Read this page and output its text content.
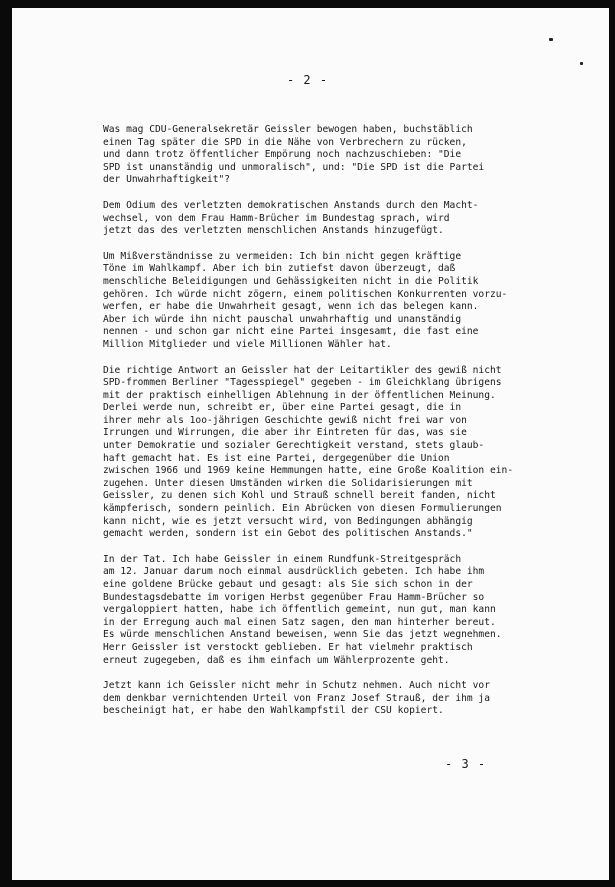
- 2 -
Was mag CDU-Generalsekretär Geissler bewogen haben, buchstäblich
einen Tag später die SPD in die Nähe von Verbrechern zu rücken,
und dann trotz öffentlicher Empörung noch nachzuschieben: "Die
SPD ist unanständig und unmoralisch", und: "Die SPD ist die Partei
der Unwahrhaftigkeit"?
Dem Odium des verletzten demokratischen Anstands durch den Macht-
wechsel, von dem Frau Hamm-Brücher im Bundestag sprach, wird
jetzt das des verletzten menschlichen Anstands hinzugefügt.
Um Mißverständnisse zu vermeiden: Ich bin nicht gegen kräftige
Töne im Wahlkampf. Aber ich bin zutiefst davon überzeugt, daß
menschliche Beleidigungen und Gehässigkeiten nicht in die Politik
gehören. Ich würde nicht zögern, einem politischen Konkurrenten vorzu-
werfen, er habe die Unwahrheit gesagt, wenn ich das belegen kann.
Aber ich würde ihn nicht pauschal unwahrhaftig und unanständig
nennen - und schon gar nicht eine Partei insgesamt, die fast eine
Million Mitglieder und viele Millionen Wähler hat.
Die richtige Antwort an Geissler hat der Leitartikler des gewiß nicht
SPD-frommen Berliner "Tagesspiegel" gegeben - im Gleichklang übrigens
mit der praktisch einhelligen Ablehnung in der öffentlichen Meinung.
Derlei werde nun, schreibt er, über eine Partei gesagt, die in
ihrer mehr als 1oo-jährigen Geschichte gewiß nicht frei war von
Irrungen und Wirrungen, die aber ihr Eintreten für das, was sie
unter Demokratie und sozialer Gerechtigkeit verstand, stets glaub-
haft gemacht hat. Es ist eine Partei, dergegenüber die Union
zwischen 1966 und 1969 keine Hemmungen hatte, eine Große Koalition ein-
zugehen. Unter diesen Umständen wirken die Solidarisierungen mit
Geissler, zu denen sich Kohl und Strauß schnell bereit fanden, nicht
kämpferisch, sondern peinlich. Ein Abrücken von diesen Formulierungen
kann nicht, wie es jetzt versucht wird, von Bedingungen abhängig
gemacht werden, sondern ist ein Gebot des politischen Anstands."
In der Tat. Ich habe Geissler in einem Rundfunk-Streitgespräch
am 12. Januar darum noch einmal ausdrücklich gebeten. Ich habe ihm
eine goldene Brücke gebaut und gesagt: als Sie sich schon in der
Bundestagsdebatte im vorigen Herbst gegenüber Frau Hamm-Brücher so
vergaloppiert hatten, habe ich öffentlich gemeint, nun gut, man kann
in der Erregung auch mal einen Satz sagen, den man hinterher bereut.
Es würde menschlichen Anstand beweisen, wenn Sie das jetzt wegnehmen.
Herr Geissler ist verstockt geblieben. Er hat vielmehr praktisch
erneut zugegeben, daß es ihm einfach um Wählerprozente geht.
Jetzt kann ich Geissler nicht mehr in Schutz nehmen. Auch nicht vor
dem denkbar vernichtenden Urteil von Franz Josef Strauß, der ihm ja
bescheinigt hat, er habe den Wahlkampfstil der CSU kopiert.
- 3 -
